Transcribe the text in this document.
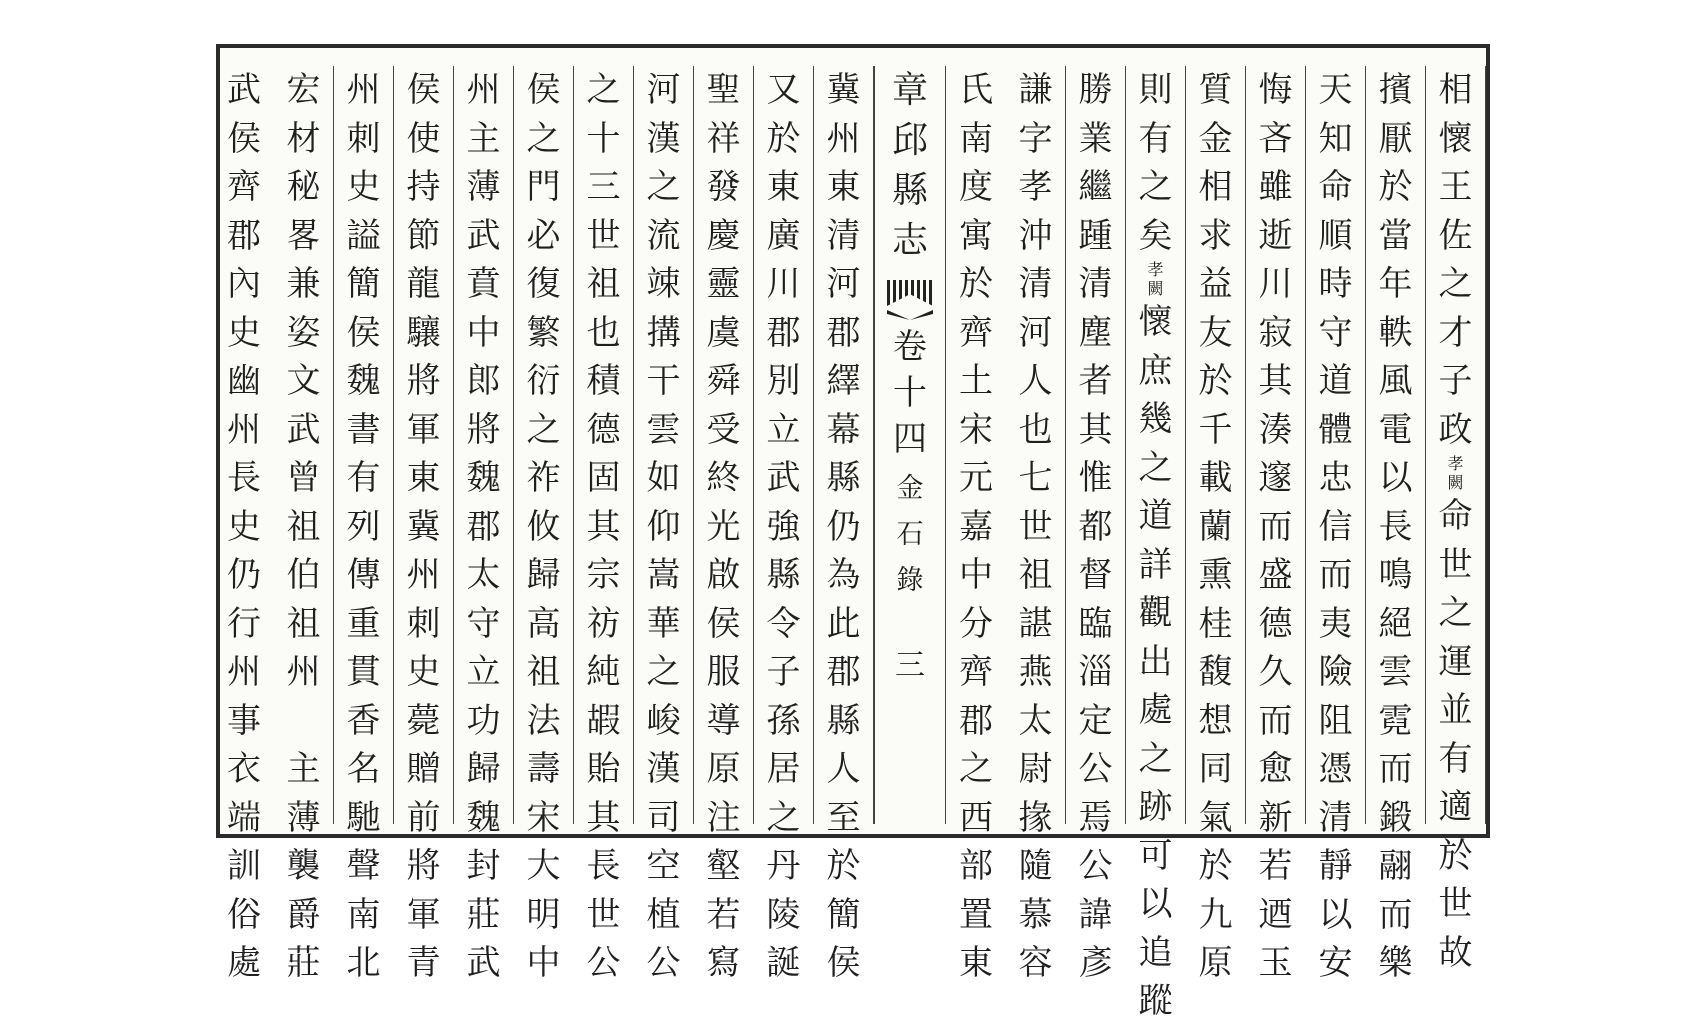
相
懷
王
佐
之
才
子
政
孝
闕
命
世
之
運
並
有
適
於
世
故
擯
厭
於
當
年
軼
風
電
以
長
鳴
絕
雲
霓
而
鍛
翮
而
樂
天
知
命
順
時
守
道
體
忠
信
而
夷
險
阻
憑
清
靜
以
安
悔
吝
雖
逝
川
寂
其
湊
邃
而
盛
德
久
而
愈
新
若
迺
玉
質
金
相
求
益
友
於
千
載
蘭
熏
桂
馥
想
同
氣
於
九
原
則
有
之
矣
孝
闕
懷
庶
幾
之
道
詳
觀
出
處
之
跡
可
以
追
蹤
勝
業
繼
踵
清
塵
者
其
惟
都
督
臨
淄
定
公
焉
公
諱
彥
謙
字
孝
沖
清
河
人
也
七
世
祖
諶
燕
太
尉
掾
隨
慕
容
氏
南
度
寓
於
齊
土
宋
元
嘉
中
分
齊
郡
之
西
部
置
東
章
邱
縣
志
卷
十
四
金
石
錄
三
冀
州
東
清
河
郡
繹
幕
縣
仍
為
此
郡
縣
人
至
於
簡
侯
又
於
東
廣
川
郡
別
立
武
強
縣
令
子
孫
居
之
丹
陵
誕
聖
祥
發
慶
靈
虞
舜
受
終
光
啟
侯
服
導
原
注
壑
若
寫
河
漢
之
流
竦
搆
干
雲
如
仰
嵩
華
之
峻
漢
司
空
植
公
之
十
三
世
祖
也
積
德
固
其
宗
祊
純
嘏
貽
其
長
世
公
侯
之
門
必
復
繁
衍
之
祚
攸
歸
高
祖
法
壽
宋
大
明
中
州
主
薄
武
賁
中
郎
將
魏
郡
太
守
立
功
歸
魏
封
莊
武
侯
使
持
節
龍
驤
將
軍
東
冀
州
刺
史
薨
贈
前
將
軍
青
州
刺
史
謚
簡
侯
魏
書
有
列
傳
重
貫
香
名
馳
聲
南
北
宏
材
秘
畧
兼
姿
文
武
曾
祖
伯
祖
州

主
薄
襲
爵
莊
武
侯
齊
郡
內
史
幽
州
長
史
仍
行
州
事
衣
端
訓
俗
處
